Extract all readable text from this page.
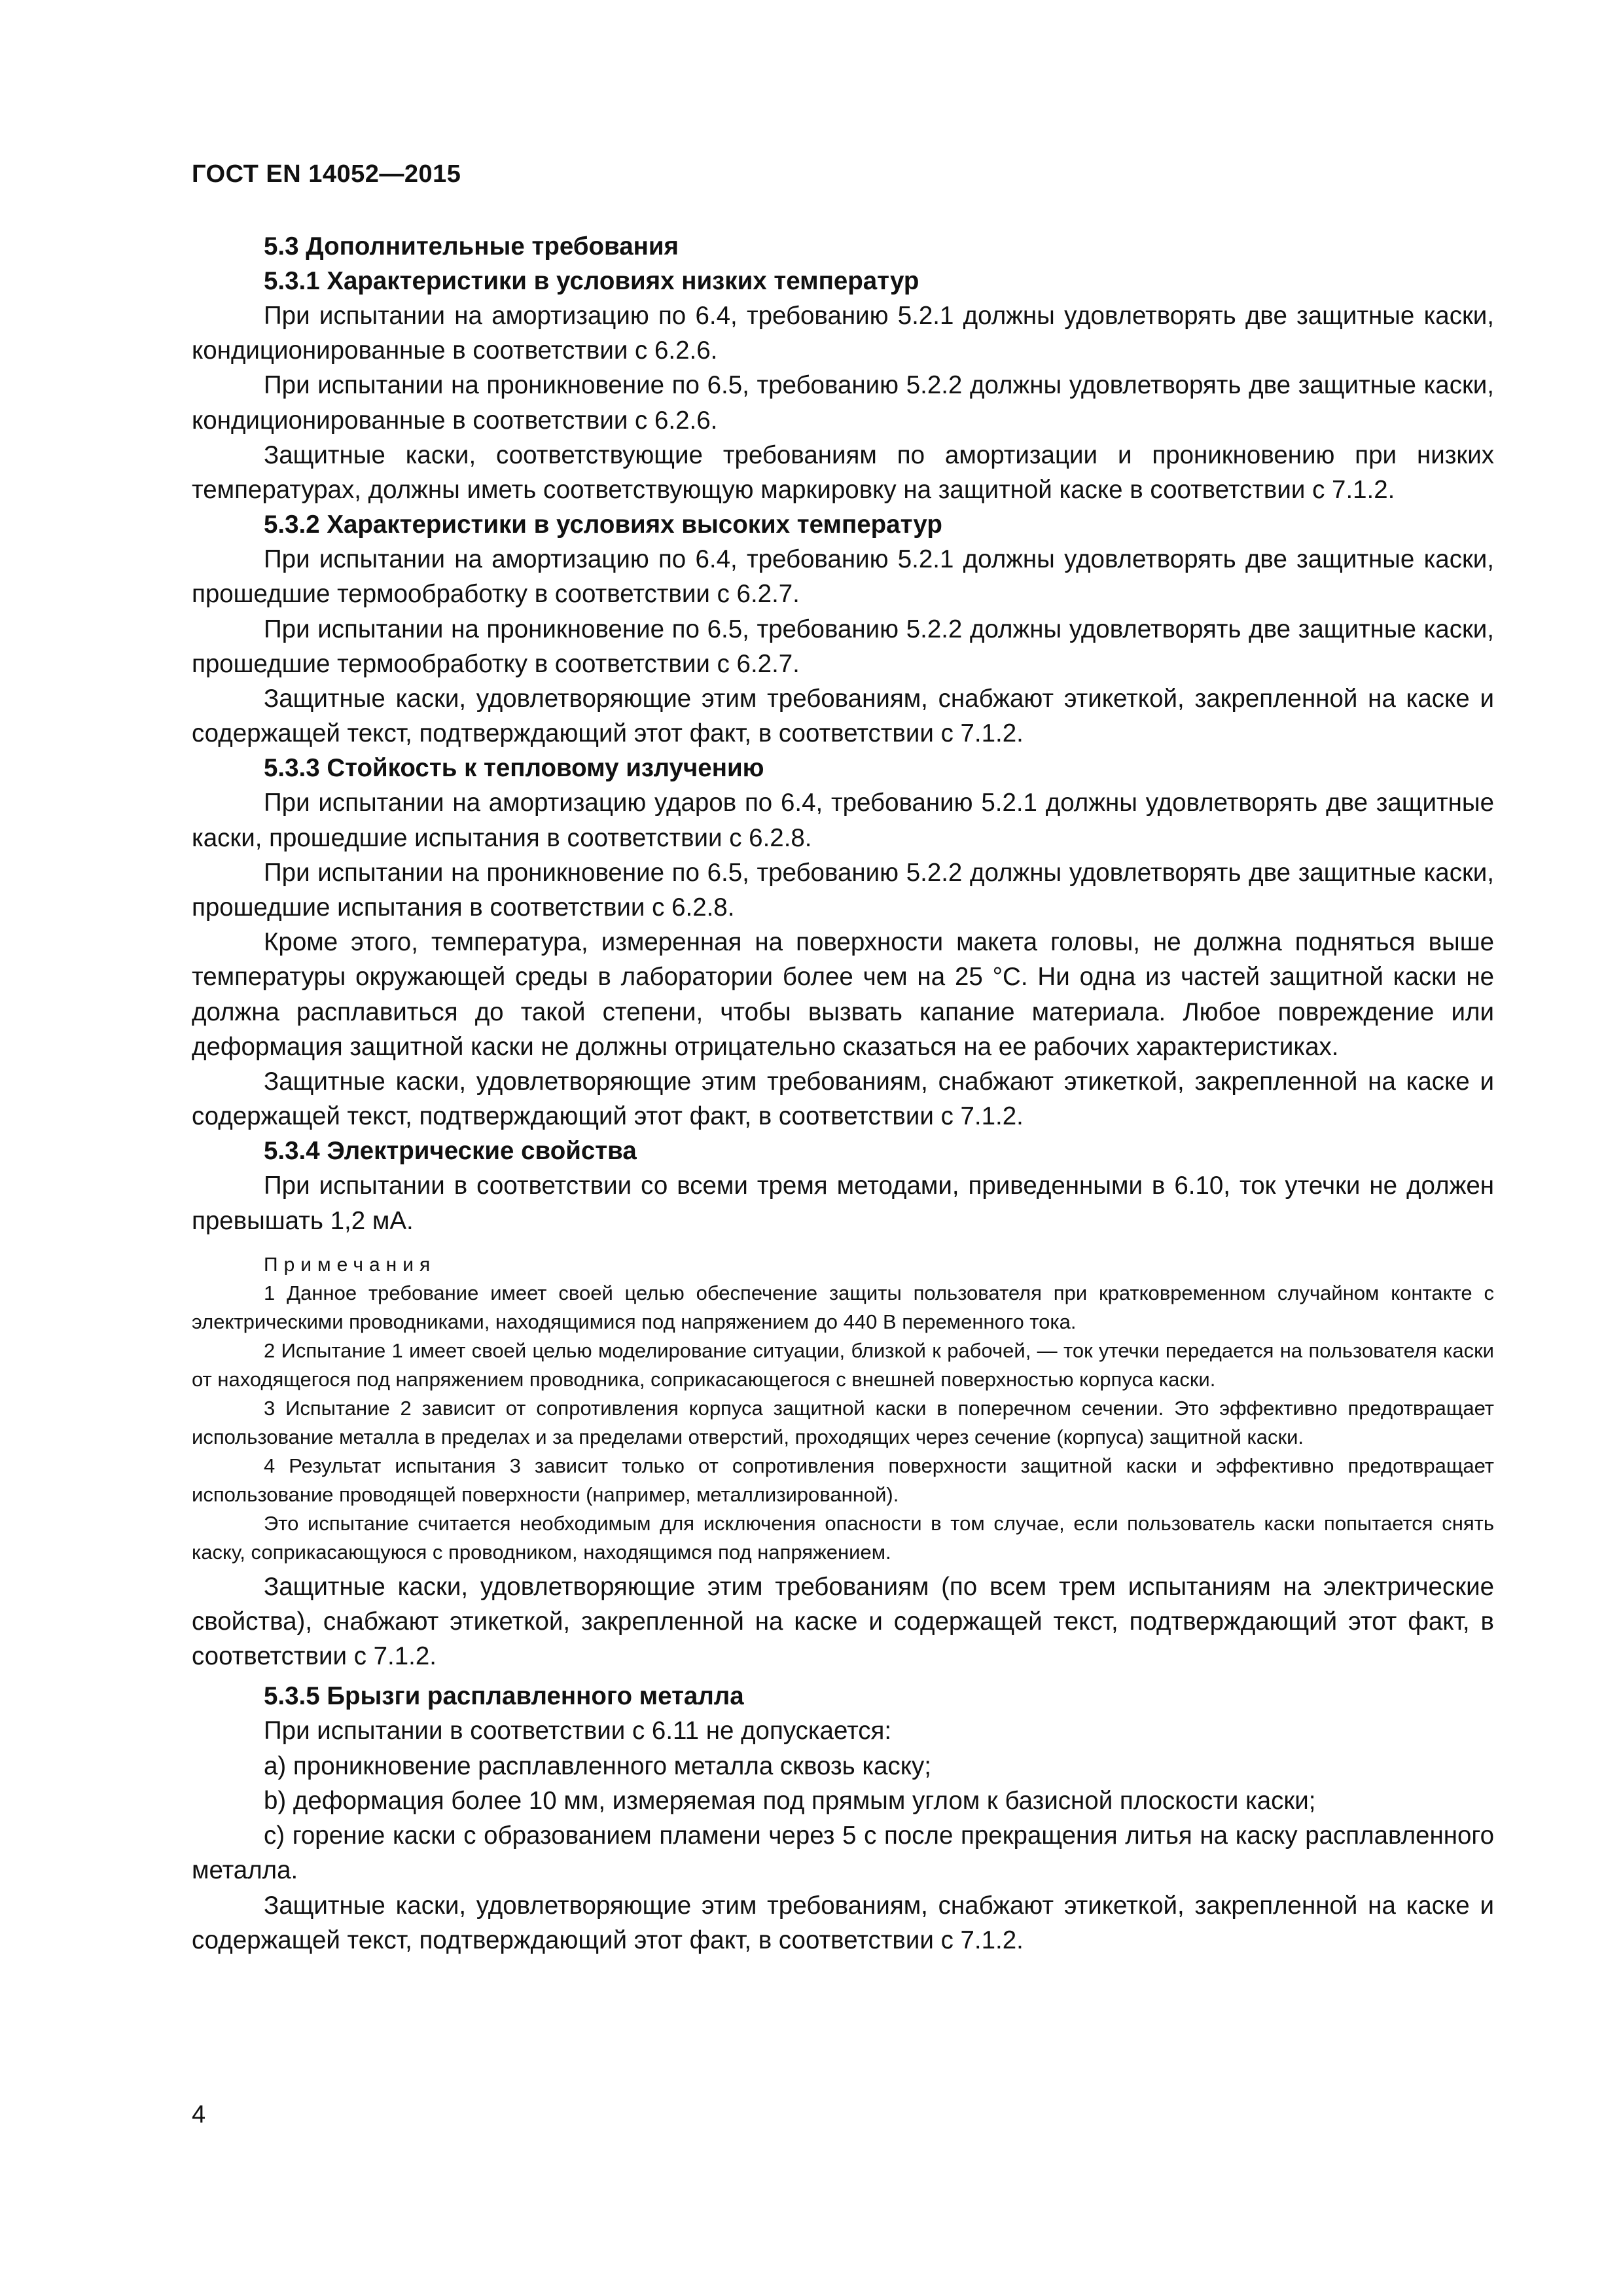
ГОСТ EN 14052—2015
5.3 Дополнительные требования
5.3.1 Характеристики в условиях низких температур

При испытании на амортизацию по 6.4, требованию 5.2.1 должны удовлетворять две защитные каски, кондиционированные в соответствии с 6.2.6.

При испытании на проникновение по 6.5, требованию 5.2.2 должны удовлетворять две защитные каски, кондиционированные в соответствии с 6.2.6.

Защитные каски, соответствующие требованиям по амортизации и проникновению при низких температурах, должны иметь соответствующую маркировку на защитной каске в соответствии с 7.1.2.

5.3.2 Характеристики в условиях высоких температур

При испытании на амортизацию по 6.4, требованию 5.2.1 должны удовлетворять две защитные каски, прошедшие термообработку в соответствии с 6.2.7.

При испытании на проникновение по 6.5, требованию 5.2.2 должны удовлетворять две защитные каски, прошедшие термообработку в соответствии с 6.2.7.

Защитные каски, удовлетворяющие этим требованиям, снабжают этикеткой, закрепленной на каске и содержащей текст, подтверждающий этот факт, в соответствии с 7.1.2.

5.3.3 Стойкость к тепловому излучению

При испытании на амортизацию ударов по 6.4, требованию 5.2.1 должны удовлетворять две защитные каски, прошедшие испытания в соответствии с 6.2.8.

При испытании на проникновение по 6.5, требованию 5.2.2 должны удовлетворять две защитные каски, прошедшие испытания в соответствии с 6.2.8.

Кроме этого, температура, измеренная на поверхности макета головы, не должна подняться выше температуры окружающей среды в лаборатории более чем на 25 °С. Ни одна из частей защитной каски не должна расплавиться до такой степени, чтобы вызвать капание материала. Любое повреждение или деформация защитной каски не должны отрицательно сказаться на ее рабочих характеристиках.

Защитные каски, удовлетворяющие этим требованиям, снабжают этикеткой, закрепленной на каске и содержащей текст, подтверждающий этот факт, в соответствии с 7.1.2.

5.3.4 Электрические свойства

При испытании в соответствии со всеми тремя методами, приведенными в 6.10, ток утечки не должен превышать 1,2 мА.

Примечания

1 Данное требование имеет своей целью обеспечение защиты пользователя при кратковременном случайном контакте с электрическими проводниками, находящимися под напряжением до 440 В переменного тока.

2 Испытание 1 имеет своей целью моделирование ситуации, близкой к рабочей, — ток утечки передается на пользователя каски от находящегося под напряжением проводника, соприкасающегося с внешней поверхностью корпуса каски.

3 Испытание 2 зависит от сопротивления корпуса защитной каски в поперечном сечении. Это эффективно предотвращает использование металла в пределах и за пределами отверстий, проходящих через сечение (корпуса) защитной каски.

4 Результат испытания 3 зависит только от сопротивления поверхности защитной каски и эффективно предотвращает использование проводящей поверхности (например, металлизированной).

Это испытание считается необходимым для исключения опасности в том случае, если пользователь каски попытается снять каску, соприкасающуюся с проводником, находящимся под напряжением.

Защитные каски, удовлетворяющие этим требованиям (по всем трем испытаниям на электрические свойства), снабжают этикеткой, закрепленной на каске и содержащей текст, подтверждающий этот факт, в соответствии с 7.1.2.

5.3.5 Брызги расплавленного металла

При испытании в соответствии с 6.11 не допускается:

а) проникновение расплавленного металла сквозь каску;

b) деформация более 10 мм, измеряемая под прямым углом к базисной плоскости каски;

с) горение каски с образованием пламени через 5 с после прекращения литья на каску расплавленного металла.

Защитные каски, удовлетворяющие этим требованиям, снабжают этикеткой, закрепленной на каске и содержащей текст, подтверждающий этот факт, в соответствии с 7.1.2.

4
